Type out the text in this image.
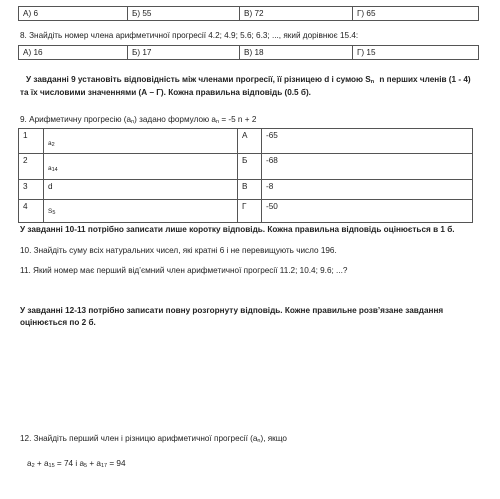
А) 6	Б) 55	В) 72	Г) 65
8. Знайдіть номер члена арифметичної прогресії 4.2; 4.9; 5.6; 6.3; ..., який дорівнює 15.4:
А) 16	Б) 17	В) 18	Г) 15
У завданні 9 установіть відповідність між членами прогресії, її різницею d і сумою Sn n перших членів (1 - 4)
та їх числовими значеннями (А – Г). Кожна правильна відповідь (0.5 б).
9. Арифметичну прогресію (an) задано формулою an = -5 n + 2
1	a2	А	-65
2	a14	Б	-68
3	d	В	-8
4	S5	Г	-50
У завданні 10-11 потрібно записати лише коротку відповідь. Кожна правильна відповідь оцінюється в 1 б.
10. Знайдіть суму всіх натуральних чисел, які кратні 6 і не перевищують число 196.
11. Який номер має перший від’ємний член арифметичної прогресії 11.2; 10.4; 9.6; ...?
У завданні 12-13 потрібно записати повну розгорнуту відповідь. Кожне правильне розв’язане завдання
оцінюється по 2 б.
12. Знайдіть перший член і різницю арифметичної прогресії (an), якщо
a2 + a15 = 74 і a5 + a17 = 94
